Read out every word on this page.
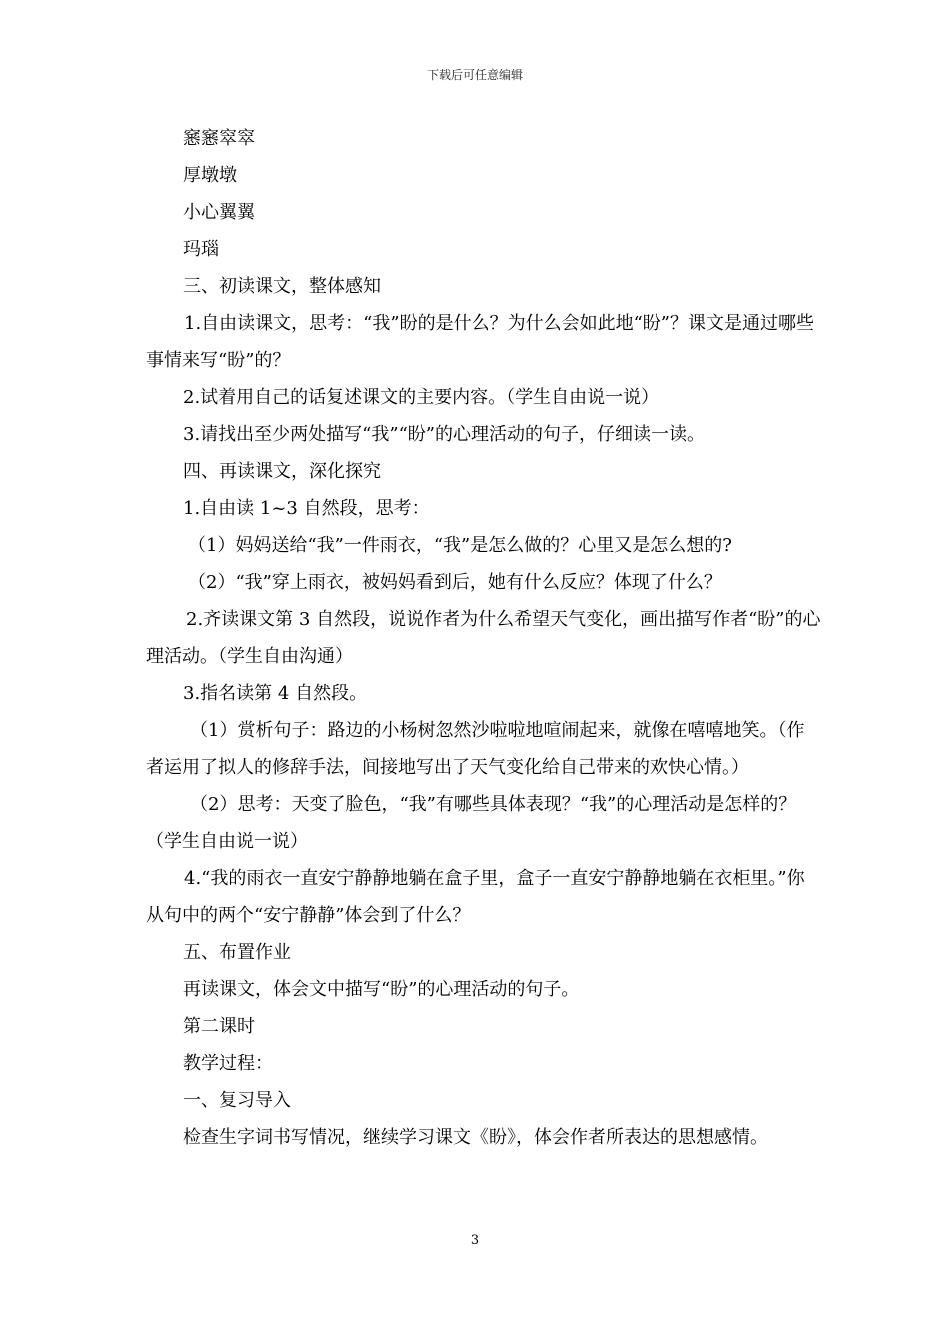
下载后可任意编辑

窸窸窣窣

厚墩墩

小心翼翼

玛瑙

三、初读课文，整体感知

1.自由读课文，思考：“我”盼的是什么？为什么会如此地“盼”？课文是通过哪些事情来写“盼”的？

2.试着用自己的话复述课文的主要内容。（学生自由说一说）

3.请找出至少两处描写“我”“盼”的心理活动的句子，仔细读一读。

四、再读课文，深化探究

1.自由读 1~3 自然段，思考：

（1）妈妈送给“我”一件雨衣，“我”是怎么做的？心里又是怎么想的?

（2）“我”穿上雨衣，被妈妈看到后，她有什么反应？体现了什么？

2.齐读课文第 3 自然段，说说作者为什么希望天气变化，画出描写作者“盼”的心理活动。（学生自由沟通）

3.指名读第 4 自然段。

（1）赏析句子：路边的小杨树忽然沙啦啦地喧闹起来，就像在嘻嘻地笑。（作者运用了拟人的修辞手法，间接地写出了天气变化给自己带来的欢快心情。）

（2）思考：天变了脸色，“我”有哪些具体表现？“我”的心理活动是怎样的？（学生自由说一说）

4.“我的雨衣一直安宁静静地躺在盒子里，盒子一直安宁静静地躺在衣柜里。”你从句中的两个“安宁静静”体会到了什么？

五、布置作业

再读课文，体会文中描写“盼”的心理活动的句子。

第二课时

教学过程：

一、复习导入

检查生字词书写情况，继续学习课文《盼》，体会作者所表达的思想感情。

3
